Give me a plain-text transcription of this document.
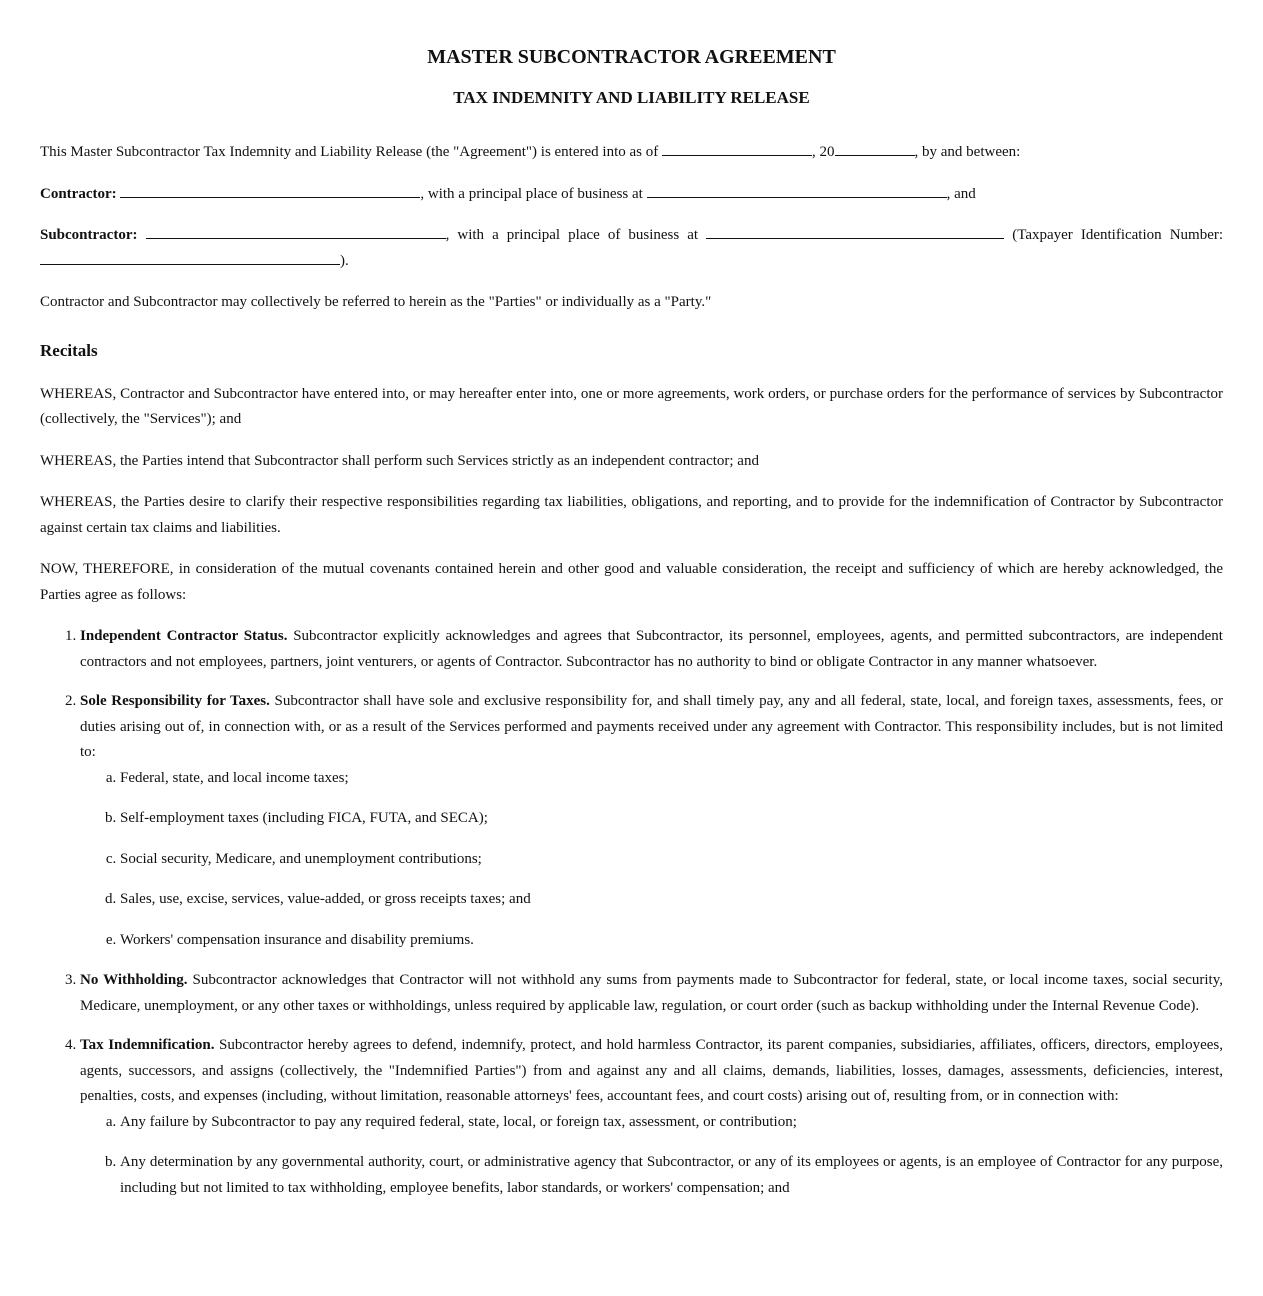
MASTER SUBCONTRACTOR AGREEMENT
TAX INDEMNITY AND LIABILITY RELEASE

This Master Subcontractor Tax Indemnity and Liability Release (the "Agreement") is entered into as of	, 20	, by and between:

Contractor:	, with a principal place of business at	, and

Subcontractor:	, with a principal place of business at	(Taxpayer Identification Number: ).

Contractor and Subcontractor may collectively be referred to herein as the "Parties" or individually as a "Party."

Recitals

WHEREAS, Contractor and Subcontractor have entered into, or may hereafter enter into, one or more agreements, work orders, or purchase orders for the performance of services by Subcontractor (collectively, the "Services"); and

WHEREAS, the Parties intend that Subcontractor shall perform such Services strictly as an independent contractor; and

WHEREAS, the Parties desire to clarify their respective responsibilities regarding tax liabilities, obligations, and reporting, and to provide for the indemnification of Contractor by Subcontractor against certain tax claims and liabilities.

NOW, THEREFORE, in consideration of the mutual covenants contained herein and other good and valuable consideration, the receipt and sufficiency of which are hereby acknowledged, the Parties agree as follows:

1. Independent Contractor Status. Subcontractor explicitly acknowledges and agrees that Subcontractor, its personnel, employees, agents, and permitted subcontractors, are independent contractors and not employees, partners, joint venturers, or agents of Contractor. Subcontractor has no authority to bind or obligate Contractor in any manner whatsoever.
2. Sole Responsibility for Taxes. Subcontractor shall have sole and exclusive responsibility for, and shall timely pay, any and all federal, state, local, and foreign taxes, assessments, fees, or duties arising out of, in connection with, or as a result of the Services performed and payments received under any agreement with Contractor. This responsibility includes, but is not limited to:
a. Federal, state, and local income taxes;
b. Self-employment taxes (including FICA, FUTA, and SECA);
c. Social security, Medicare, and unemployment contributions;
d. Sales, use, excise, services, value-added, or gross receipts taxes; and
e. Workers' compensation insurance and disability premiums.
3. No Withholding. Subcontractor acknowledges that Contractor will not withhold any sums from payments made to Subcontractor for federal, state, or local income taxes, social security, Medicare, unemployment, or any other taxes or withholdings, unless required by applicable law, regulation, or court order (such as backup withholding under the Internal Revenue Code).
4. Tax Indemnification. Subcontractor hereby agrees to defend, indemnify, protect, and hold harmless Contractor, its parent companies, subsidiaries, affiliates, officers, directors, employees, agents, successors, and assigns (collectively, the "Indemnified Parties") from and against any and all claims, demands, liabilities, losses, damages, assessments, deficiencies, interest, penalties, costs, and expenses (including, without limitation, reasonable attorneys' fees, accountant fees, and court costs) arising out of, resulting from, or in connection with:
a. Any failure by Subcontractor to pay any required federal, state, local, or foreign tax, assessment, or contribution;
b. Any determination by any governmental authority, court, or administrative agency that Subcontractor, or any of its employees or agents, is an employee of Contractor for any purpose, including but not limited to tax withholding, employee benefits, labor standards, or workers' compensation; and
